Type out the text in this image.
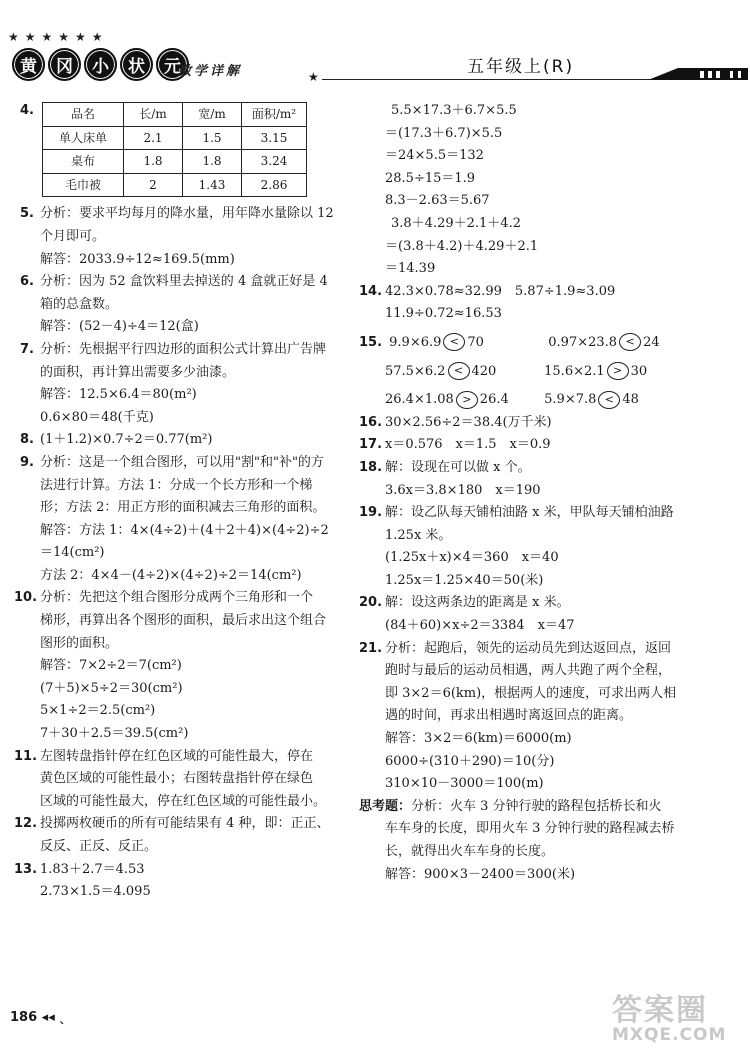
★★★★★★
黄	冈	小	状	元
数学详解	★	五年级上(R)
4.	品名	长/m	宽/m	面积/m²
单人床单	2.1	1.5	3.15
桌布	1.8	1.8	3.24
毛巾被	2	1.43	2.86
5. 分析：要求平均每月的降水量，用年降水量除以 12
个月即可。
解答：2033.9÷12≈169.5(mm)
6. 分析：因为 52 盒饮料里去掉送的 4 盒就正好是 4
箱的总盒数。
解答：(52－4)÷4＝12(盒)
7. 分析：先根据平行四边形的面积公式计算出广告牌
的面积，再计算出需要多少油漆。
解答：12.5×6.4＝80(m²)
0.6×80＝48(千克)
8. (1＋1.2)×0.7÷2＝0.77(m²)
9. 分析：这是一个组合图形，可以用"割"和"补"的方
法进行计算。方法 1：分成一个长方形和一个梯
形；方法 2：用正方形的面积减去三角形的面积。
解答：方法 1：4×(4÷2)＋(4＋2＋4)×(4÷2)÷2
＝14(cm²)
方法 2：4×4－(4÷2)×(4÷2)÷2＝14(cm²)
10. 分析：先把这个组合图形分成两个三角形和一个
梯形，再算出各个图形的面积，最后求出这个组合
图形的面积。
解答：7×2÷2＝7(cm²)
(7＋5)×5÷2＝30(cm²)
5×1÷2＝2.5(cm²)
7＋30＋2.5＝39.5(cm²)
11. 左图转盘指针停在红色区域的可能性最大，停在
黄色区域的可能性最小；右图转盘指针停在绿色
区域的可能性最大，停在红色区域的可能性最小。
12. 投掷两枚硬币的所有可能结果有 4 种，即：正正、
反反、正反、反正。
13. 1.83＋2.7＝4.53
2.73×1.5＝4.095
5.5×17.3＋6.7×5.5
＝(17.3＋6.7)×5.5
＝24×5.5＝132
28.5÷15＝1.9
8.3－2.63＝5.67
3.8＋4.29＋2.1＋4.2
＝(3.8＋4.2)＋4.29＋2.1
＝14.39
14. 42.3×0.78≈32.99　5.87÷1.9≈3.09
11.9÷0.72≈16.53
15. 9.9×6.9 < 70	0.97×23.8 < 24
57.5×6.2 < 420	15.6×2.1 > 30
26.4×1.08 > 26.4	5.9×7.8 < 48
16. 30×2.56÷2＝38.4(万千米)
17. x＝0.576　x＝1.5　x＝0.9
18. 解：设现在可以做 x 个。
3.6x＝3.8×180　x＝190
19. 解：设乙队每天铺柏油路 x 米，甲队每天铺柏油路
1.25x 米。
(1.25x＋x)×4＝360　x＝40
1.25x＝1.25×40＝50(米)
20. 解：设这两条边的距离是 x 米。
(84＋60)×x÷2＝3384　x＝47
21. 分析：起跑后，领先的运动员先到达返回点，返回
跑时与最后的运动员相遇，两人共跑了两个全程，
即 3×2＝6(km)，根据两人的速度，可求出两人相
遇的时间，再求出相遇时离返回点的距离。
解答：3×2＝6(km)＝6000(m)
6000÷(310＋290)＝10(分)
310×10－3000＝100(m)
思考题：分析：火车 3 分钟行驶的路程包括桥长和火
车车身的长度，即用火车 3 分钟行驶的路程减去桥
长，就得出火车车身的长度。
解答：900×3－2400＝300(米)
186 ◂◂ ˎ	答案圈
MXQE.COM
